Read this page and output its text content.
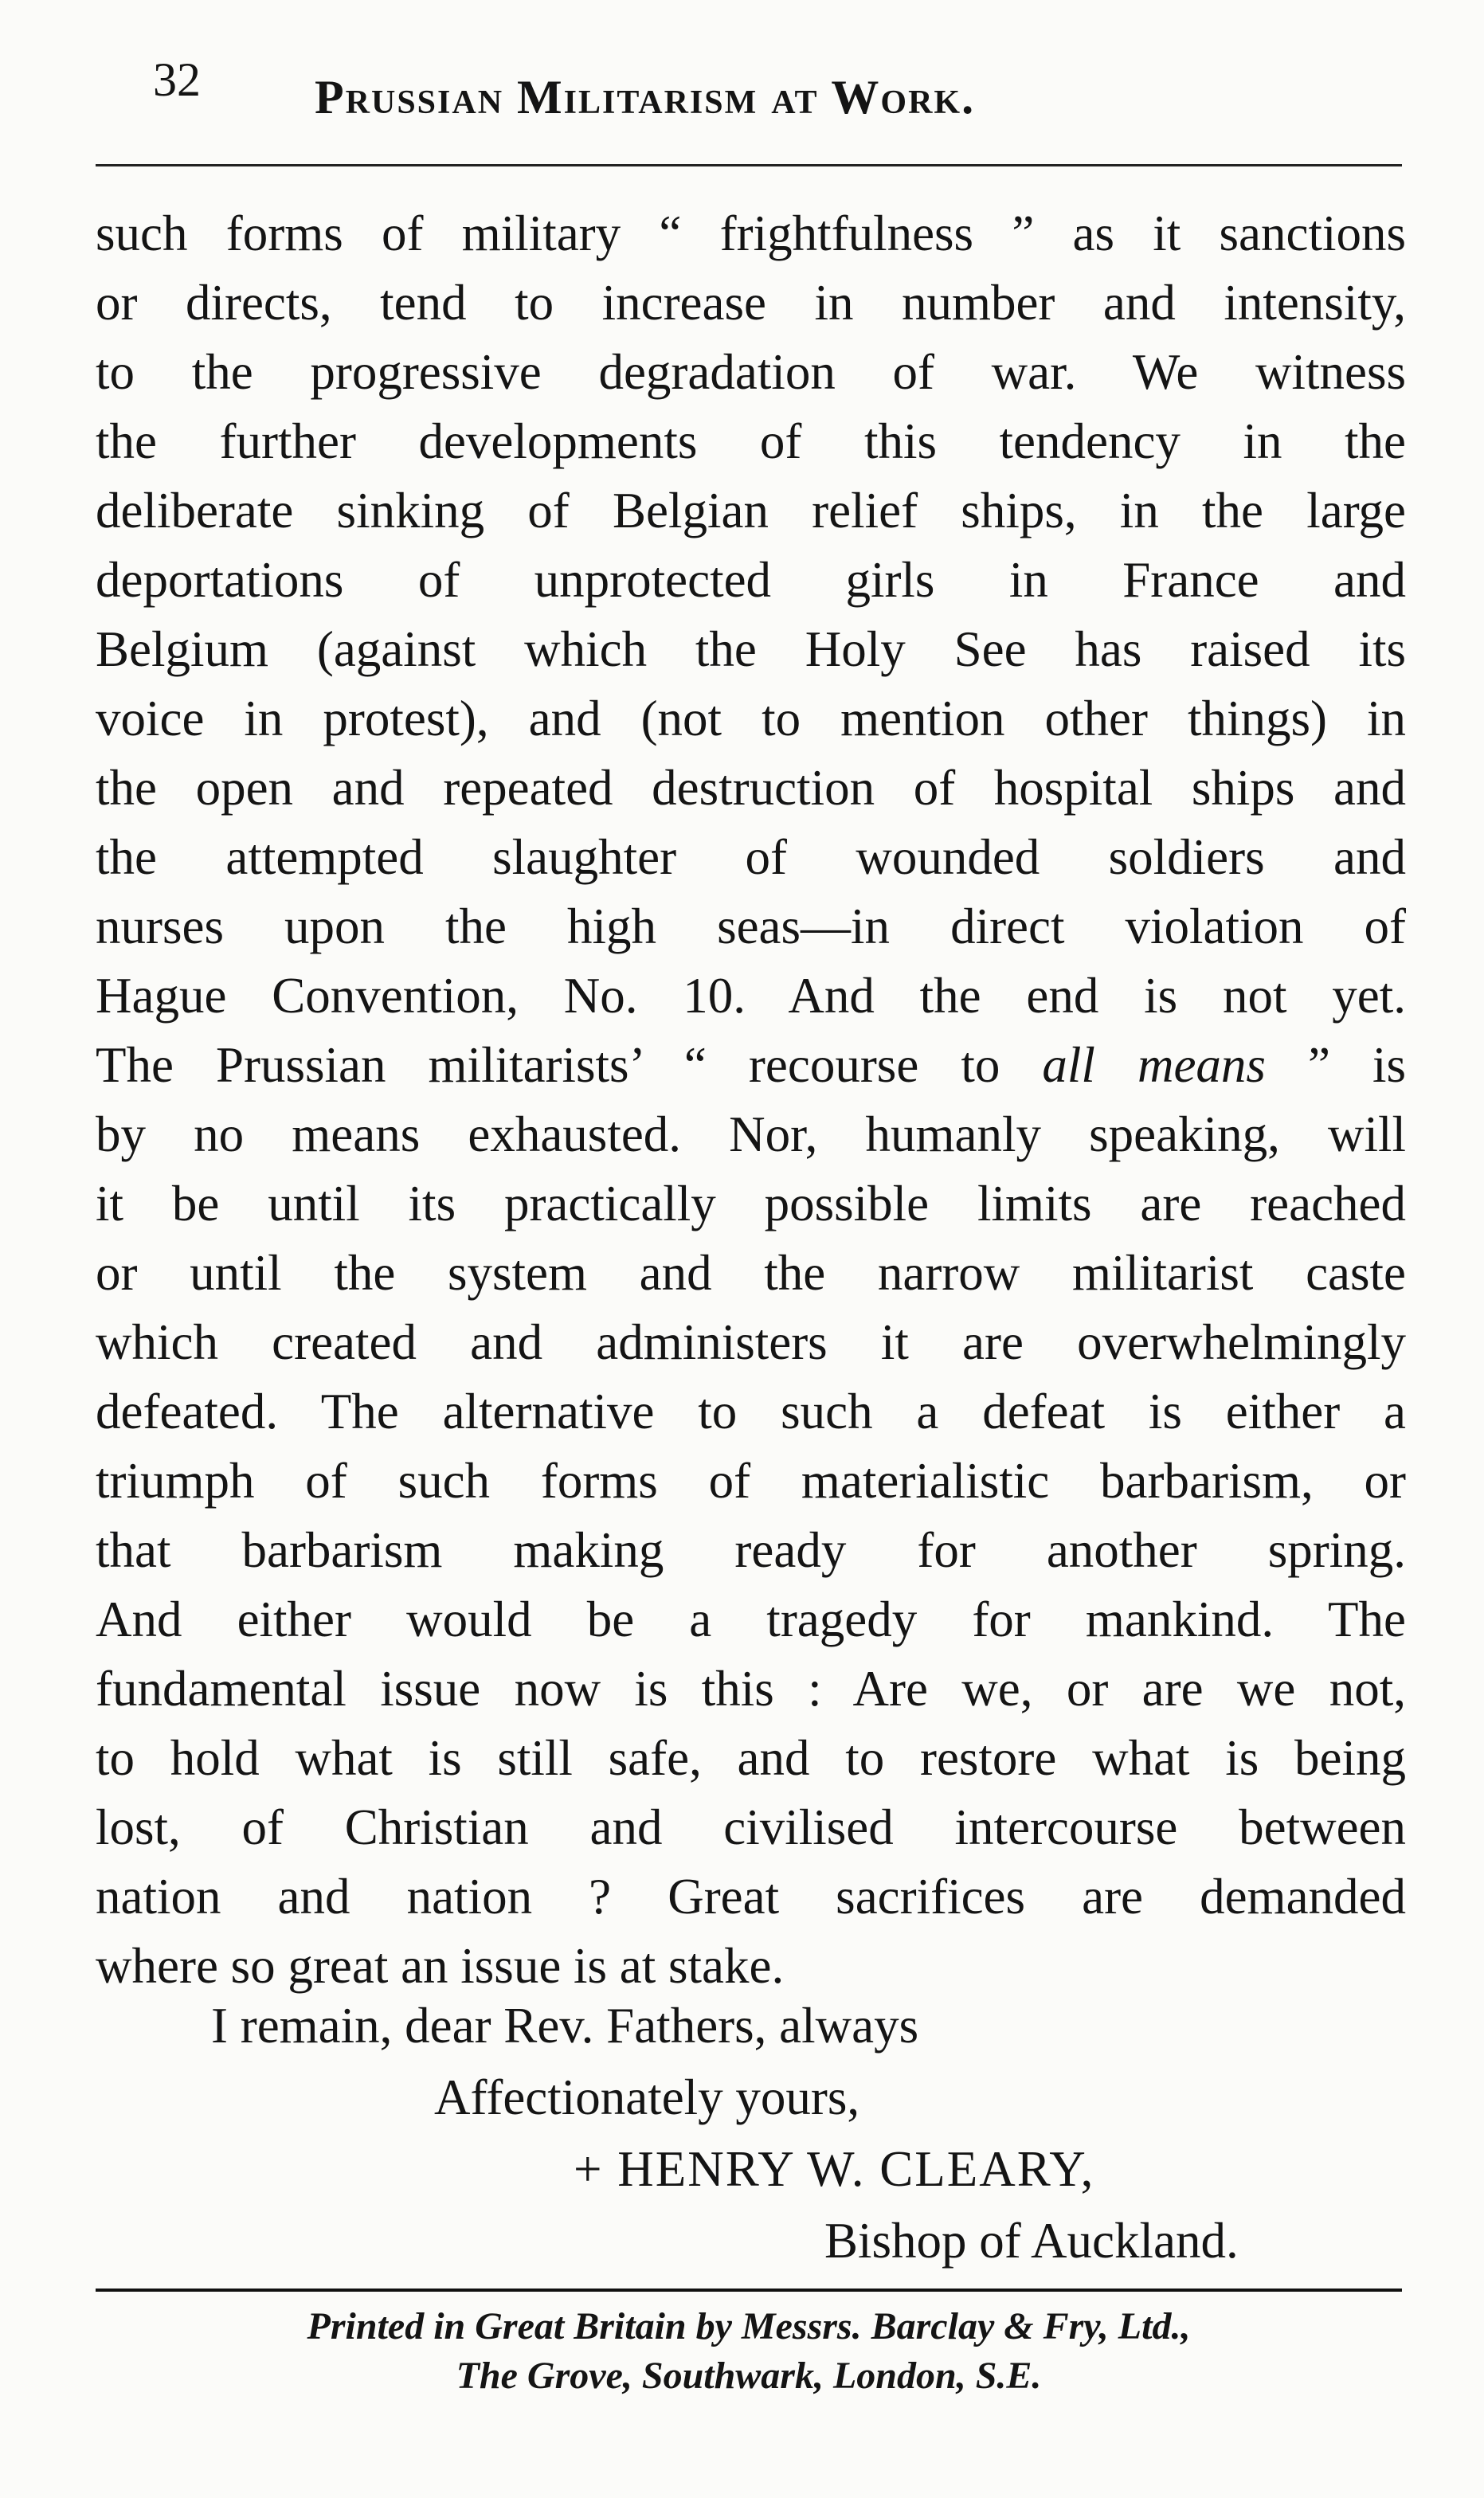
32 Prussian Militarism at Work.
such forms of military “ frightfulness ” as it sanctions
or directs, tend to increase in number and intensity,
to the progressive degradation of war. We witness
the further developments of this tendency in the
deliberate sinking of Belgian relief ships, in the large
deportations of unprotected girls in France and
Belgium (against which the Holy See has raised its
voice in protest), and (not to mention other things) in
the open and repeated destruction of hospital ships and
the attempted slaughter of wounded soldiers and
nurses upon the high seas—in direct violation of
Hague Convention, No. 10. And the end is not yet.
The Prussian militarists’ “ recourse to all means ” is
by no means exhausted. Nor, humanly speaking, will
it be until its practically possible limits are reached
or until the system and the narrow militarist caste
which created and administers it are overwhelmingly
defeated. The alternative to such a defeat is either a
triumph of such forms of materialistic barbarism, or
that barbarism making ready for another spring.
And either would be a tragedy for mankind. The
fundamental issue now is this : Are we, or are we not,
to hold what is still safe, and to restore what is being
lost, of Christian and civilised intercourse between
nation and nation ? Great sacrifices are demanded
where so great an issue is at stake.
I remain, dear Rev. Fathers, always
Affectionately yours,
+ HENRY W. CLEARY,
Bishop of Auckland.
Printed in Great Britain by Messrs. Barclay & Fry, Ltd.,
The Grove, Southwark, London, S.E.
